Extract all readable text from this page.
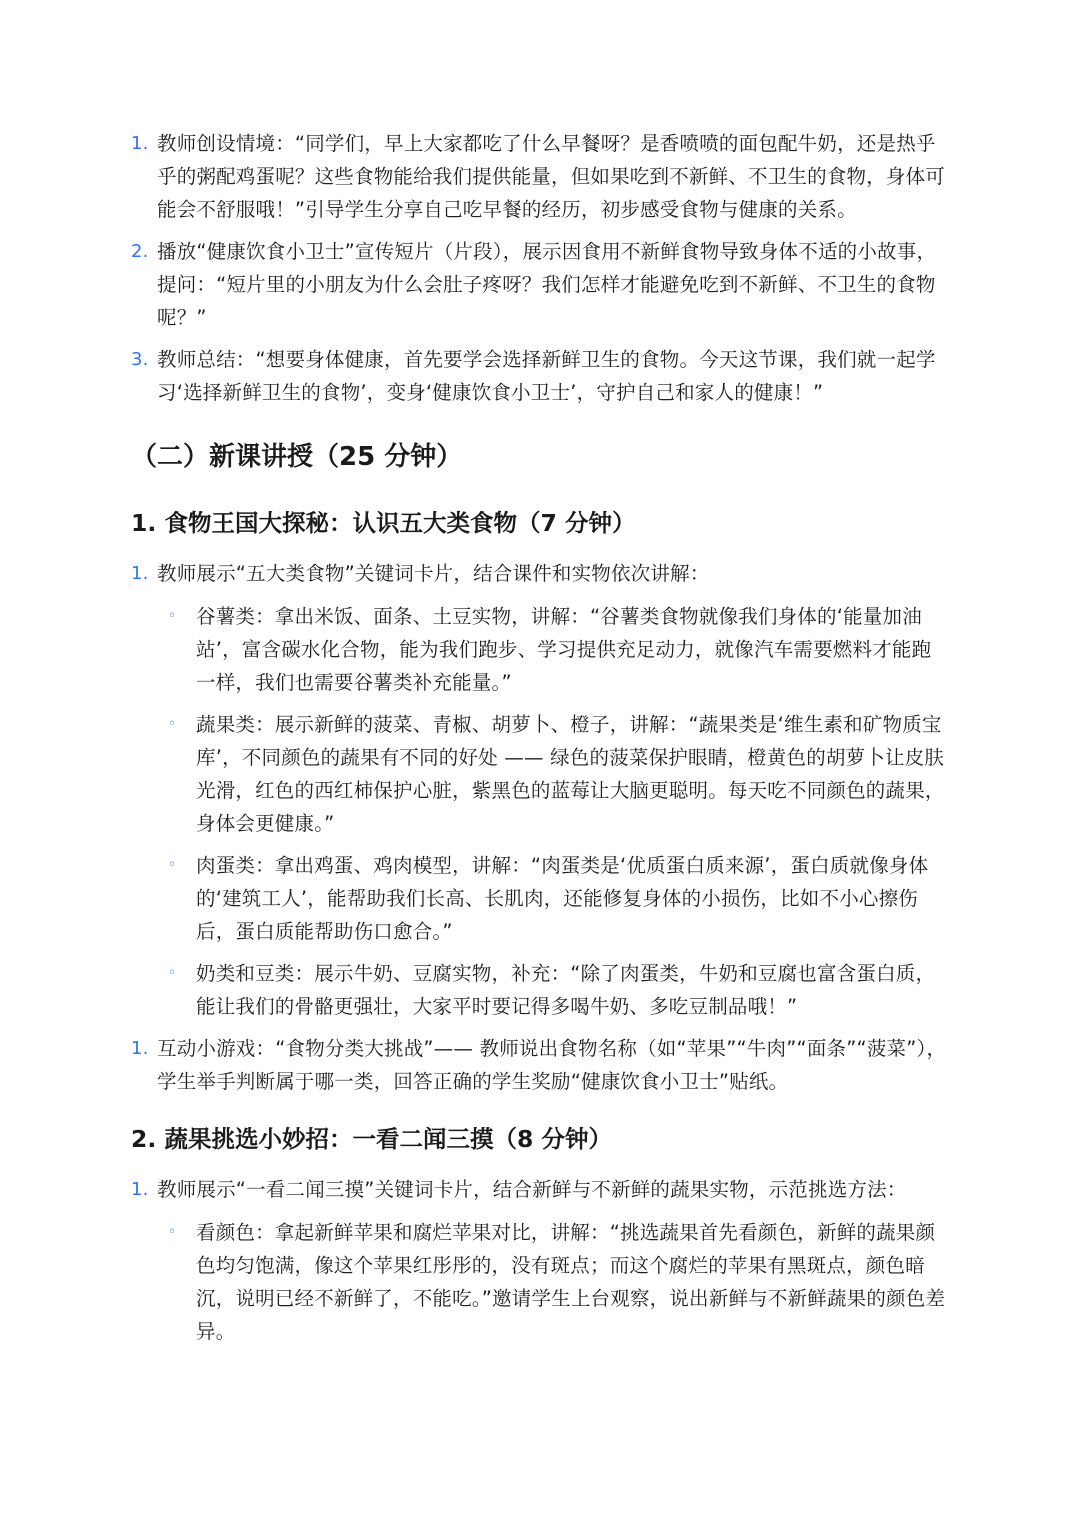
1. 教师创设情境：“同学们，早上大家都吃了什么早餐呀？是香喷喷的面包配牛奶，还是热乎乎的粥配鸡蛋呢？这些食物能给我们提供能量，但如果吃到不新鲜、不卫生的食物，身体可能会不舒服哦！”引导学生分享自己吃早餐的经历，初步感受食物与健康的关系。
2. 播放“健康饮食小卫士”宣传短片（片段），展示因食用不新鲜食物导致身体不适的小故事，提问：“短片里的小朋友为什么会肚子疼呀？我们怎样才能避免吃到不新鲜、不卫生的食物呢？”
3. 教师总结：“想要身体健康，首先要学会选择新鲜卫生的食物。今天这节课，我们就一起学习‘选择新鲜卫生的食物’，变身‘健康饮食小卫士’，守护自己和家人的健康！”
（二）新课讲授（25 分钟）
1. 食物王国大探秘：认识五大类食物（7 分钟）
1. 教师展示“五大类食物”关键词卡片，结合课件和实物依次讲解：
◦ 谷薯类：拿出米饭、面条、土豆实物，讲解：“谷薯类食物就像我们身体的‘能量加油站’，富含碳水化合物，能为我们跑步、学习提供充足动力，就像汽车需要燃料才能跑一样，我们也需要谷薯类补充能量。”
◦ 蔬果类：展示新鲜的菠菜、青椒、胡萝卜、橙子，讲解：“蔬果类是‘维生素和矿物质宝库’，不同颜色的蔬果有不同的好处 —— 绿色的菠菜保护眼睛，橙黄色的胡萝卜让皮肤光滑，红色的西红柿保护心脏，紫黑色的蓝莓让大脑更聪明。每天吃不同颜色的蔬果，身体会更健康。”
◦ 肉蛋类：拿出鸡蛋、鸡肉模型，讲解：“肉蛋类是‘优质蛋白质来源’，蛋白质就像身体的‘建筑工人’，能帮助我们长高、长肌肉，还能修复身体的小损伤，比如不小心擦伤后，蛋白质能帮助伤口愈合。”
◦ 奶类和豆类：展示牛奶、豆腐实物，补充：“除了肉蛋类，牛奶和豆腐也富含蛋白质，能让我们的骨骼更强壮，大家平时要记得多喝牛奶、多吃豆制品哦！”
1. 互动小游戏：“食物分类大挑战”—— 教师说出食物名称（如“苹果”“牛肉”“面条”“菠菜”），学生举手判断属于哪一类，回答正确的学生奖励“健康饮食小卫士”贴纸。
2. 蔬果挑选小妙招：一看二闻三摸（8 分钟）
1. 教师展示“一看二闻三摸”关键词卡片，结合新鲜与不新鲜的蔬果实物，示范挑选方法：
◦ 看颜色：拿起新鲜苹果和腐烂苹果对比，讲解：“挑选蔬果首先看颜色，新鲜的蔬果颜色均匀饱满，像这个苹果红彤彤的，没有斑点；而这个腐烂的苹果有黑斑点，颜色暗沉，说明已经不新鲜了，不能吃。”邀请学生上台观察，说出新鲜与不新鲜蔬果的颜色差异。
